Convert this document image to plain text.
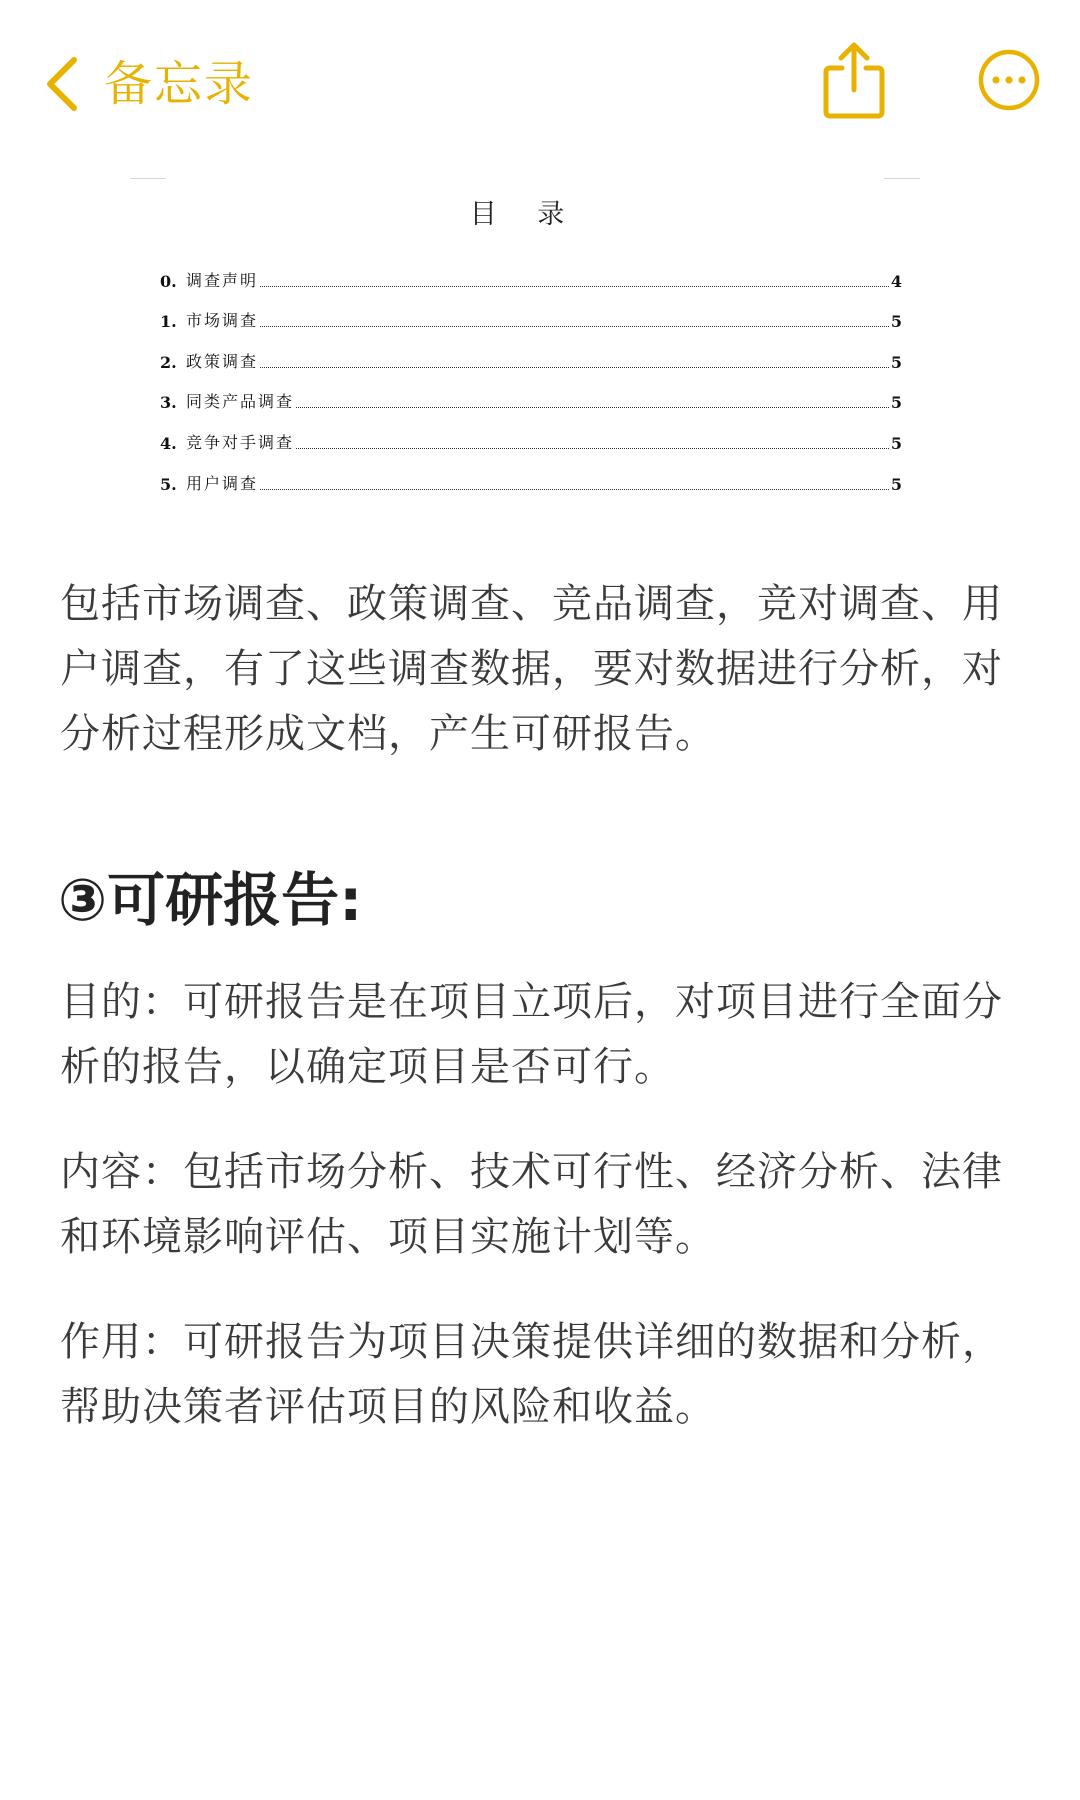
备忘录
目 录
0. 调查声明	4
1. 市场调查	5
2. 政策调查	5
3. 同类产品调查	5
4. 竞争对手调查	5
5. 用户调查	5

包括市场调查、政策调查、竞品调查，竞对调查、用户调查，有了这些调查数据，要对数据进行分析，对分析过程形成文档，产生可研报告。

③可研报告:

目的：可研报告是在项目立项后，对项目进行全面分析的报告，以确定项目是否可行。

内容：包括市场分析、技术可行性、经济分析、法律和环境影响评估、项目实施计划等。

作用：可研报告为项目决策提供详细的数据和分析，帮助决策者评估项目的风险和收益。
